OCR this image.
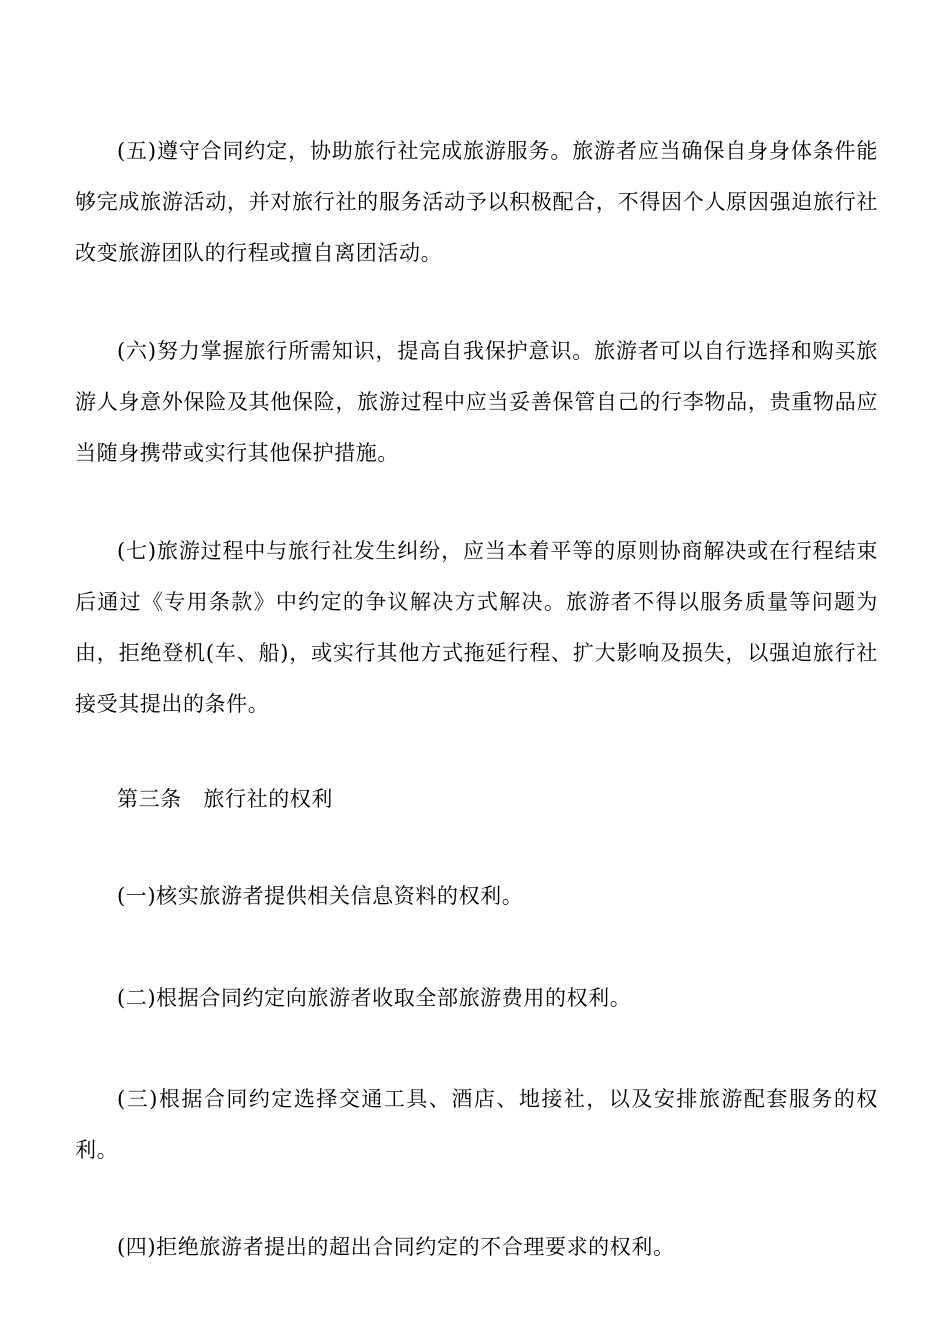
(五)遵守合同约定，协助旅行社完成旅游服务。旅游者应当确保自身身体条件能够完成旅游活动，并对旅行社的服务活动予以积极配合，不得因个人原因强迫旅行社改变旅游团队的行程或擅自离团活动。

(六)努力掌握旅行所需知识，提高自我保护意识。旅游者可以自行选择和购买旅游人身意外保险及其他保险，旅游过程中应当妥善保管自己的行李物品，贵重物品应当随身携带或实行其他保护措施。

(七)旅游过程中与旅行社发生纠纷，应当本着平等的原则协商解决或在行程结束后通过《专用条款》中约定的争议解决方式解决。旅游者不得以服务质量等问题为由，拒绝登机(车、船)，或实行其他方式拖延行程、扩大影响及损失，以强迫旅行社接受其提出的条件。

第三条　旅行社的权利

(一)核实旅游者提供相关信息资料的权利。

(二)根据合同约定向旅游者收取全部旅游费用的权利。

(三)根据合同约定选择交通工具、酒店、地接社，以及安排旅游配套服务的权利。

(四)拒绝旅游者提出的超出合同约定的不合理要求的权利。
